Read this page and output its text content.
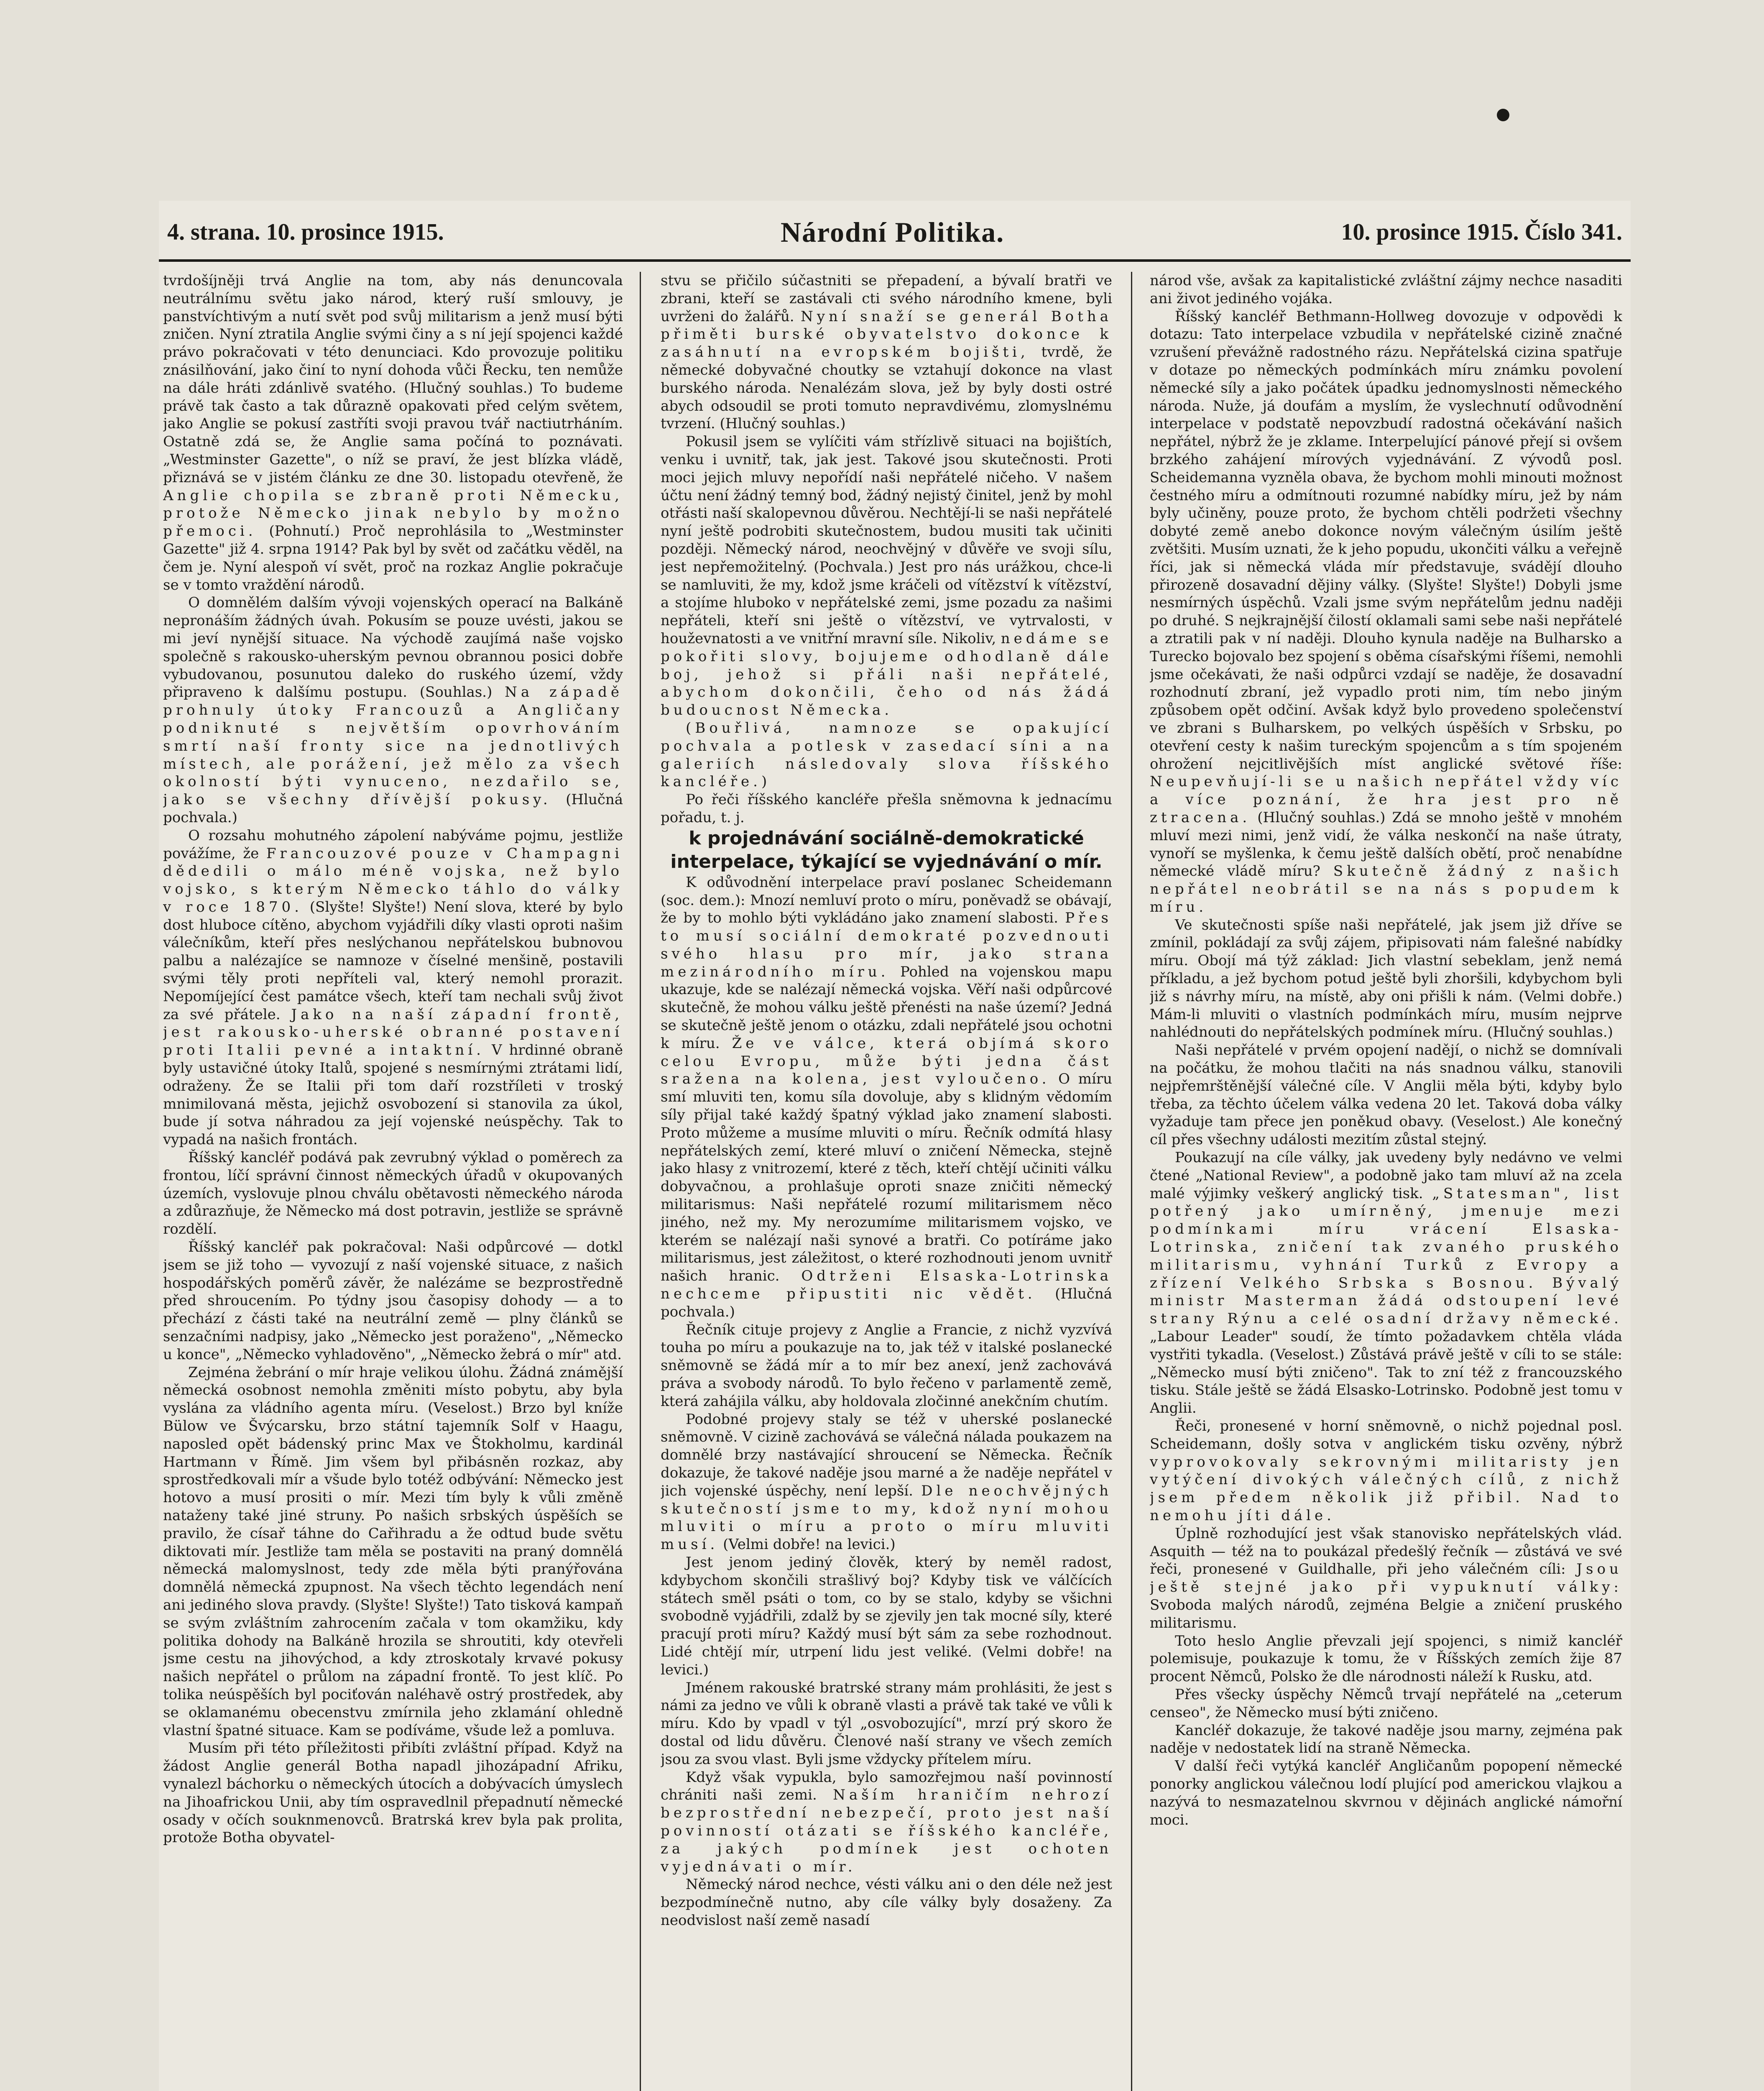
4. strana. 10. prosince 1915.	Národní Politika.	10. prosince 1915. Číslo 341.

tvrdošíjněji trvá Anglie na tom, aby nás denuncovala neutrálnímu světu jako národ, který ruší smlouvy, je panstvíchtivým a nutí svět pod svůj militarism a jenž musí býti zničen. Nyní ztratila Anglie svými činy a s ní její spojenci každé právo pokračovati v této denunciaci. Kdo provozuje politiku znásilňování, jako činí to nyní dohoda vůči Řecku, ten nemůže na dále hráti zdánlivě svatého. (Hlučný souhlas.) To budeme právě tak často a tak důrazně opakovati před celým světem, jako Anglie se pokusí zastříti svoji pravou tvář nactiutrháním. Ostatně zdá se, že Anglie sama počíná to poznávati. „Westminster Gazette", o níž se praví, že jest blízka vládě, přiznává se v jistém článku ze dne 30. listopadu otevřeně, že Anglie chopila se zbraně proti Německu, protože Německo jinak nebylo by možno přemoci. (Pohnutí.) Proč neprohlásila to „Westminster Gazette" již 4. srpna 1914? Pak byl by svět od začátku věděl, na čem je. Nyní alespoň ví svět, proč na rozkaz Anglie pokračuje se v tomto vraždění národů.

O domnělém dalším vývoji vojenských operací na Balkáně nepronáším žádných úvah. Pokusím se pouze uvésti, jakou se mi jeví nynější situace. Na východě zaujímá naše vojsko společně s rakousko-uherským pevnou obrannou posici dobře vybudovanou, posunutou daleko do ruského území, vždy připraveno k dalšímu postupu. (Souhlas.) Na západě prohnuly útoky Francouzů a Angličany podniknuté s největším opovrhováním smrtí naší fronty sice na jednotlivých místech, ale porážení, jež mělo za všech okolností býti vynuceno, nezdařilo se, jako se všechny dřívější pokusy. (Hlučná pochvala.)

O rozsahu mohutného zápolení nabýváme pojmu, jestliže povážíme, že Francouzové pouze v Champagni dědedili o málo méně vojska, než bylo vojsko, s kterým Německo táhlo do války v roce 1870. (Slyšte! Slyšte!) Není slova, které by bylo dost hluboce cítěno, abychom vyjádřili díky vlasti oproti našim válečníkům, kteří přes neslýchanou nepřátelskou bubnovou palbu a nalézajíce se namnoze v číselné menšině, postavili svými těly proti nepříteli val, který nemohl prorazit. Nepomíjející čest památce všech, kteří tam nechali svůj život za své přátele. Jako na naší západní frontě, jest rakousko-uherské obranné postavení proti Italii pevné a intaktní. V hrdinné obraně byly ustavičné útoky Italů, spojené s nesmírnými ztrátami lidí, odraženy. Že se Italii při tom daří rozstříleti v troský mnimilovaná města, jejichž osvobození si stanovila za úkol, bude jí sotva náhradou za její vojenské neúspěchy. Tak to vypadá na našich frontách.

Říšský kancléř podává pak zevrubný výklad o poměrech za frontou, líčí správní činnost německých úřadů v okupovaných územích, vyslovuje plnou chválu obětavosti německého národa a zdůrazňuje, že Německo má dost potravin, jestliže se správně rozdělí.

Říšský kancléř pak pokračoval: Naši odpůrcové — dotkl jsem se již toho — vyvozují z naší vojenské situace, z našich hospodářských poměrů závěr, že nalézáme se bezprostředně před shroucením. Po týdny jsou časopisy dohody — a to přechází z části také na neutrální země — plny článků se senzačními nadpisy, jako „Německo jest poraženo", „Německo u konce", „Německo vyhladověno", „Německo žebrá o mír" atd.

Zejména žebrání o mír hraje velikou úlohu. Žádná známější německá osobnost nemohla změniti místo pobytu, aby byla vyslána za vládního agenta míru. (Veselost.) Brzo byl kníže Bülow ve Švýcarsku, brzo státní tajemník Solf v Haagu, naposled opět bádenský princ Max ve Štokholmu, kardinál Hartmann v Římě. Jim všem byl přibásněn rozkaz, aby sprostředkovali mír a všude bylo totéž odbývání: Německo jest hotovo a musí prositi o mír. Mezi tím byly k vůli změně nataženy také jiné struny. Po našich srbských úspěších se pravilo, že císař táhne do Cařihradu a že odtud bude světu diktovati mír. Jestliže tam měla se postaviti na praný domnělá německá malomyslnost, tedy zde měla býti pranýřována domnělá německá zpupnost. Na všech těchto legendách není ani jediného slova pravdy. (Slyšte! Slyšte!) Tato tisková kampaň se svým zvláštním zahrocením začala v tom okamžiku, kdy politika dohody na Balkáně hrozila se shroutiti, kdy otevřeli jsme cestu na jihovýchod, a kdy ztroskotaly krvavé pokusy našich nepřátel o průlom na západní frontě. To jest klíč. Po tolika neúspěších byl pociťován naléhavě ostrý prostředek, aby se oklamanému obecenstvu zmírnila jeho zklamání ohledně vlastní špatné situace. Kam se podíváme, všude lež a pomluva.

Musím při této příležitosti přibíti zvláštní případ. Když na žádost Anglie generál Botha napadl jihozápadní Afriku, vynalezl báchorku o německých útocích a dobývacích úmyslech na Jihoafrickou Unii, aby tím ospravedlnil přepadnutí německé osady v očích souknmenovců. Bratrská krev byla pak prolita, protože Botha obyvatel-

stvu se přičilo súčastniti se přepadení, a bývalí bratři ve zbrani, kteří se zastávali cti svého národního kmene, byli uvrženi do žalářů. Nyní snaží se generál Botha přiměti burské obyvatelstvo dokonce k zasáhnutí na evropském bojišti, tvrdě, že německé dobyvačné choutky se vztahují dokonce na vlast burského národa. Nenalézám slova, jež by byly dosti ostré abych odsoudil se proti tomuto nepravdivému, zlomyslnému tvrzení. (Hlučný souhlas.)

Pokusil jsem se vylíčiti vám střízlivě situaci na bojištích, venku i uvnitř, tak, jak jest. Takové jsou skutečnosti. Proti moci jejich mluvy nepořídí naši nepřátelé ničeho. V našem účtu není žádný temný bod, žádný nejistý činitel, jenž by mohl otřásti naší skalopevnou důvěrou. Nechtějí-li se naši nepřátelé nyní ještě podrobiti skutečnostem, budou musiti tak učiniti později. Německý národ, neochvějný v důvěře ve svoji sílu, jest nepřemožitelný. (Pochvala.) Jest pro nás urážkou, chce-li se namluviti, že my, kdož jsme kráčeli od vítězství k vítězství, a stojíme hluboko v nepřátelské zemi, jsme pozadu za našimi nepřáteli, kteří sni ještě o vítězství, ve vytrvalosti, v houževnatosti a ve vnitřní mravní síle. Nikoliv, nedáme se pokořiti slovy, bojujeme odhodlaně dále boj, jehož si přáli naši nepřátelé, abychom dokončili, čeho od nás žádá budoucnost Německa.

(Bouřlivá, namnoze se opakující pochvala a potlesk v zasedací síni a na galeriích následovaly slova říšského kancléře.)

Po řeči říšského kancléře přešla sněmovna k jednacímu pořadu, t. j.

k projednávání sociálně-demokratické interpelace, týkající se vyjednávání o mír.

K odůvodnění interpelace praví poslanec Scheidemann (soc. dem.): Mnozí nemluví proto o míru, poněvadž se obávají, že by to mohlo býti vykládáno jako znamení slabosti. Přes to musí sociální demokraté pozvednouti svého hlasu pro mír, jako strana mezinárodního míru. Pohled na vojenskou mapu ukazuje, kde se nalézají německá vojska. Věří naši odpůrcové skutečně, že mohou válku ještě přenésti na naše území? Jedná se skutečně ještě jenom o otázku, zdali nepřátelé jsou ochotni k míru. Že ve válce, která objímá skoro celou Evropu, může býti jedna část sražena na kolena, jest vyloučeno. O míru smí mluviti ten, komu síla dovoluje, aby s klidným vědomím síly přijal také každý špatný výklad jako znamení slabosti. Proto můžeme a musíme mluviti o míru. Řečník odmítá hlasy nepřátelských zemí, které mluví o zničení Německa, stejně jako hlasy z vnitrozemí, které z těch, kteří chtějí učiniti válku dobyvačnou, a prohlašuje oproti snaze zničiti německý militarismus: Naši nepřátelé rozumí militarismem něco jiného, než my. My nerozumíme militarismem vojsko, ve kterém se nalézají naši synové a bratři. Co potíráme jako militarismus, jest záležitost, o které rozhodnouti jenom uvnitř našich hranic. Odtrženi Elsaska-Lotrinska nechceme připustiti nic vědět. (Hlučná pochvala.)

Řečník cituje projevy z Anglie a Francie, z nichž vyzvívá touha po míru a poukazuje na to, jak též v italské poslanecké sněmovně se žádá mír a to mír bez anexí, jenž zachovává práva a svobody národů. To bylo řečeno v parlamentě země, která zahájila válku, aby holdovala zločinné anekčním chutím.

Podobné projevy staly se též v uherské poslanecké sněmovně. V cizině zachovává se válečná nálada poukazem na domnělé brzy nastávající shroucení se Německa. Řečník dokazuje, že takové naděje jsou marné a že naděje nepřátel v jich vojenské úspěchy, není lepší. Dle neochvějných skutečností jsme to my, kdož nyní mohou mluviti o míru a proto o míru mluviti musí. (Velmi dobře! na levici.)

Jest jenom jediný člověk, který by neměl radost, kdybychom skončili strašlivý boj? Kdyby tisk ve válčících státech směl psáti o tom, co by se stalo, kdyby se všichni svobodně vyjádřili, zdalž by se zjevily jen tak mocné síly, které pracují proti míru? Každý musí být sám za sebe rozhodnout. Lidé chtějí mír, utrpení lidu jest veliké. (Velmi dobře! na levici.)

Jménem rakouské bratrské strany mám prohlásiti, že jest s námi za jedno ve vůli k obraně vlasti a právě tak také ve vůli k míru. Kdo by vpadl v týl „osvobozující", mrzí prý skoro že dostal od lidu důvěru. Členové naší strany ve všech zemích jsou za svou vlast. Byli jsme vždycky přítelem míru.

Když však vypukla, bylo samozřejmou naší povinností chrániti naši zemi. Naším hraničím nehrozí bezprostřední nebezpečí, proto jest naší povinností otázati se říšského kancléře, za jakých podmínek jest ochoten vyjednávati o mír.

Německý národ nechce, vésti válku ani o den déle než jest bezpodmínečně nutno, aby cíle války byly dosaženy. Za neodvislost naší země nasadí

národ vše, avšak za kapitalistické zvláštní zájmy nechce nasaditi ani život jediného vojáka.

Říšský kancléř Bethmann-Hollweg dovozuje v odpovědi k dotazu: Tato interpelace vzbudila v nepřátelské cizině značné vzrušení převážně radostného rázu. Nepřátelská cizina spatřuje v dotaze po německých podmínkách míru známku povolení německé síly a jako počátek úpadku jednomyslnosti německého národa. Nuže, já doufám a myslím, že vyslechnutí odůvodnění interpelace v podstatě nepovzbudí radostná očekávání našich nepřátel, nýbrž že je zklame. Interpelující pánové přejí si ovšem brzkého zahájení mírových vyjednávání. Z vývodů posl. Scheidemanna vyzněla obava, že bychom mohli minouti možnost čestného míru a odmítnouti rozumné nabídky míru, jež by nám byly učiněny, pouze proto, že bychom chtěli podržeti všechny dobyté země anebo dokonce novým válečným úsilím ještě zvětšiti. Musím uznati, že k jeho popudu, ukončiti válku a veřejně říci, jak si německá vláda mír představuje, svádějí dlouho přirozeně dosavadní dějiny války. (Slyšte! Slyšte!) Dobyli jsme nesmírných úspěchů. Vzali jsme svým nepřátelům jednu naději po druhé. S nejkrajnější čilostí oklamali sami sebe naši nepřátelé a ztratili pak v ní naději. Dlouho kynula naděje na Bulharsko a Turecko bojovalo bez spojení s oběma císařskými říšemi, nemohli jsme očekávati, že naši odpůrci vzdají se naděje, že dosavadní rozhodnutí zbraní, jež vypadlo proti nim, tím nebo jiným způsobem opět odčiní. Avšak když bylo provedeno společenství ve zbrani s Bulharskem, po velkých úspěších v Srbsku, po otevření cesty k našim tureckým spojencům a s tím spojeném ohrožení nejcitlivějších míst anglické světové říše: Neupevňují-li se u našich nepřátel vždy víc a více poznání, že hra jest pro ně ztracena. (Hlučný souhlas.) Zdá se mnoho ještě v mnohém mluví mezi nimi, jenž vidí, že válka neskončí na naše útraty, vynoří se myšlenka, k čemu ještě dalších obětí, proč nenabídne německé vládě míru? Skutečně žádný z našich nepřátel neobrátil se na nás s popudem k míru.

Ve skutečnosti spíše naši nepřátelé, jak jsem již dříve se zmínil, pokládají za svůj zájem, připisovati nám falešné nabídky míru. Obojí má týž základ: Jich vlastní sebeklam, jenž nemá příkladu, a jež bychom potud ještě byli zhoršili, kdybychom byli již s návrhy míru, na místě, aby oni přišli k nám. (Velmi dobře.) Mám-li mluviti o vlastních podmínkách míru, musím nejprve nahlédnouti do nepřátelských podmínek míru. (Hlučný souhlas.)

Naši nepřátelé v prvém opojení nadějí, o nichž se domnívali na počátku, že mohou tlačiti na nás snadnou válku, stanovili nejpřemrštěnější válečné cíle. V Anglii měla býti, kdyby bylo třeba, za těchto účelem válka vedena 20 let. Taková doba války vyžaduje tam přece jen poněkud obavy. (Veselost.) Ale konečný cíl přes všechny události mezitím zůstal stejný.

Poukazují na cíle války, jak uvedeny byly nedávno ve velmi čtené „National Review", a podobně jako tam mluví až na zcela malé výjimky veškerý anglický tisk. „Statesman", list potřený jako umírněný, jmenuje mezi podmínkami míru vrácení Elsaska-Lotrinska, zničení tak zvaného pruského militarismu, vyhnání Turků z Evropy a zřízení Velkého Srbska s Bosnou. Bývalý ministr Masterman žádá odstoupení levé strany Rýnu a celé osadní državy německé. „Labour Leader" soudí, že tímto požadavkem chtěla vláda vystřiti tykadla. (Veselost.) Zůstává právě ještě v cíli to se stále: „Německo musí býti zničeno". Tak to zní též z francouzského tisku. Stále ještě se žádá Elsasko-Lotrinsko. Podobně jest tomu v Anglii.

Řeči, pronesené v horní sněmovně, o nichž pojednal posl. Scheidemann, došly sotva v anglickém tisku ozvěny, nýbrž vyprovokovaly sekrovnými militaristy jen vytýčení divokých válečných cílů, z nichž jsem předem několik již přibil. Nad to nemohu jíti dále.

Úplně rozhodující jest však stanovisko nepřátelských vlád. Asquith — též na to poukázal předešlý řečník — zůstává ve své řeči, pronesené v Guildhalle, při jeho válečném cíli: Jsou ještě stejné jako při vypuknutí války: Svoboda malých národů, zejména Belgie a zničení pruského militarismu.

Toto heslo Anglie převzali její spojenci, s nimiž kancléř polemisuje, poukazuje k tomu, že v Říšských zemích žije 87 procent Němců, Polsko že dle národnosti náleží k Rusku, atd.

Přes všecky úspěchy Němců trvají nepřátelé na „ceterum censeo", že Německo musí býti zničeno.

Kancléř dokazuje, že takové naděje jsou marny, zejména pak naděje v nedostatek lidí na straně Německa.

V další řeči vytýká kancléř Angličanům popopení německé ponorky anglickou válečnou lodí plující pod americkou vlajkou a nazývá to nesmazatelnou skvrnou v dějinách anglické námořní moci.
